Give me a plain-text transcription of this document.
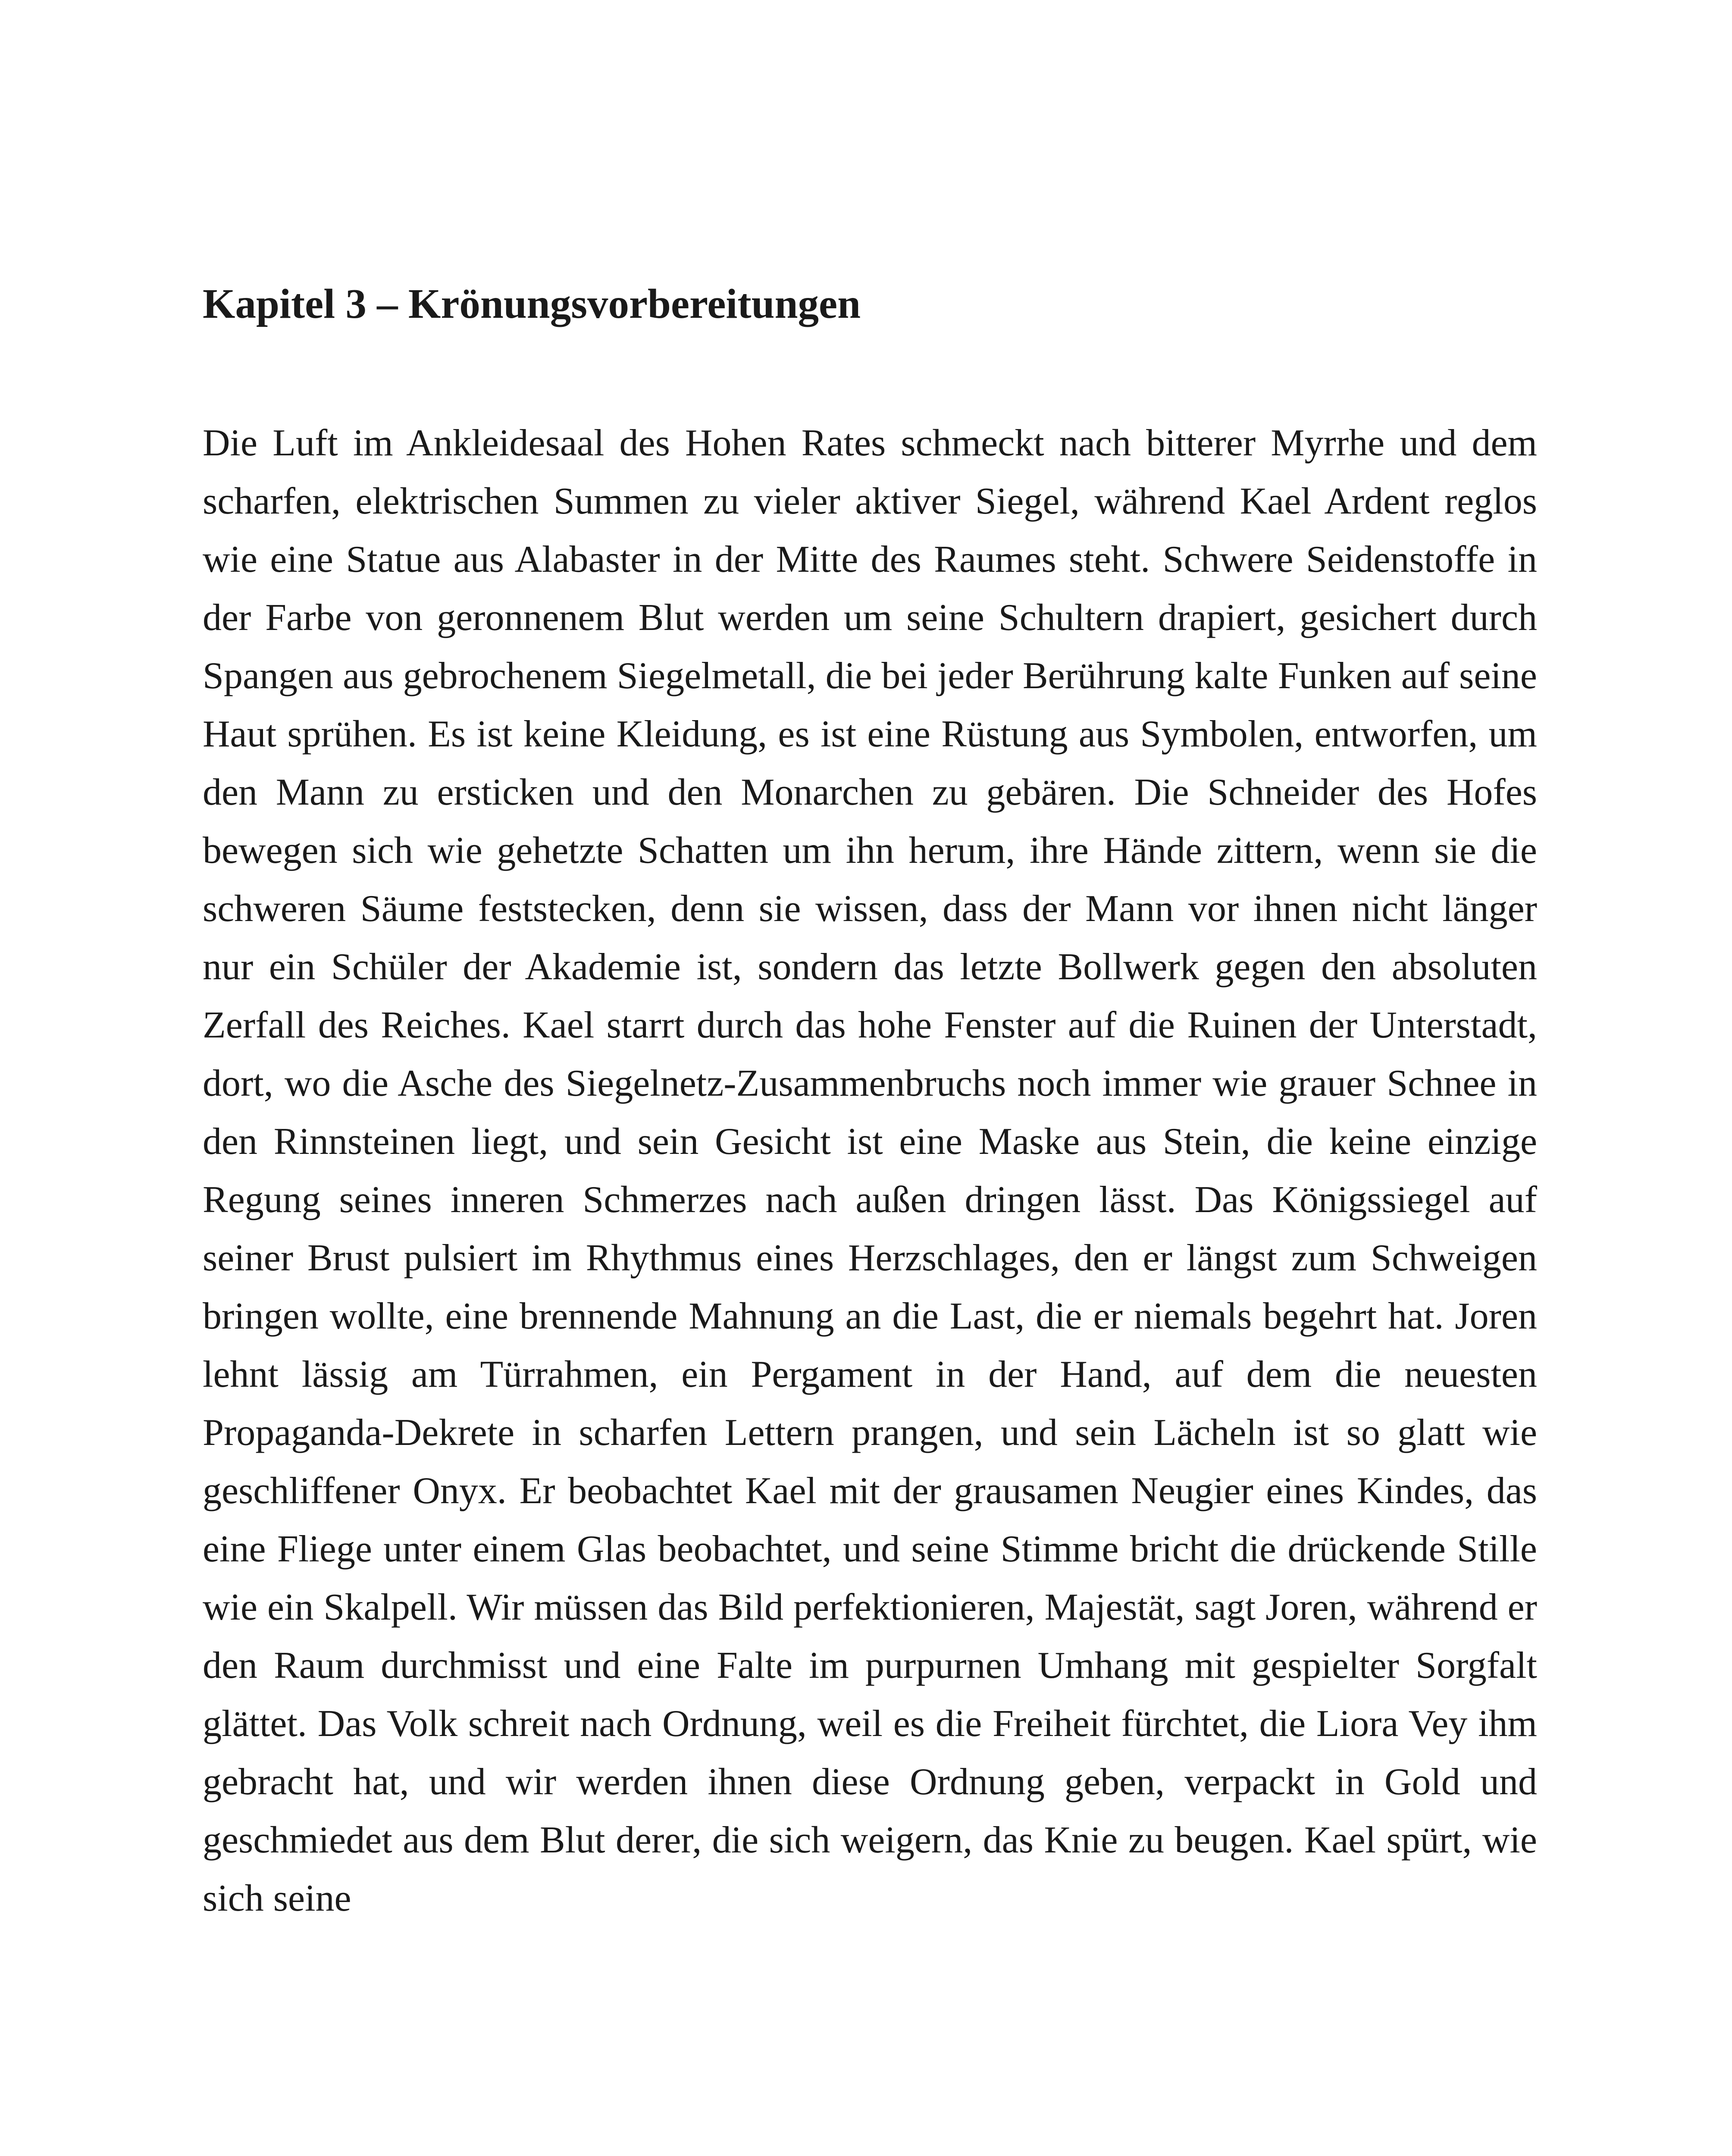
Kapitel 3 – Krönungsvorbereitungen

Die Luft im Ankleidesaal des Hohen Rates schmeckt nach bitterer Myrrhe und dem scharfen, elektrischen Summen zu vieler aktiver Siegel, während Kael Ardent reglos wie eine Statue aus Alabaster in der Mitte des Raumes steht. Schwere Seidenstoffe in der Farbe von geronnenem Blut werden um seine Schultern drapiert, gesichert durch Spangen aus gebrochenem Siegelmetall, die bei jeder Berührung kalte Funken auf seine Haut sprühen. Es ist keine Kleidung, es ist eine Rüstung aus Symbolen, entworfen, um den Mann zu ersticken und den Monarchen zu gebären. Die Schneider des Hofes bewegen sich wie gehetzte Schatten um ihn herum, ihre Hände zittern, wenn sie die schweren Säume feststecken, denn sie wissen, dass der Mann vor ihnen nicht länger nur ein Schüler der Akademie ist, sondern das letzte Bollwerk gegen den absoluten Zerfall des Reiches. Kael starrt durch das hohe Fenster auf die Ruinen der Unterstadt, dort, wo die Asche des Siegelnetz-Zusammenbruchs noch immer wie grauer Schnee in den Rinnsteinen liegt, und sein Gesicht ist eine Maske aus Stein, die keine einzige Regung seines inneren Schmerzes nach außen dringen lässt. Das Königssiegel auf seiner Brust pulsiert im Rhythmus eines Herzschlages, den er längst zum Schweigen bringen wollte, eine brennende Mahnung an die Last, die er niemals begehrt hat. Joren lehnt lässig am Türrahmen, ein Pergament in der Hand, auf dem die neuesten Propaganda-Dekrete in scharfen Lettern prangen, und sein Lächeln ist so glatt wie geschliffener Onyx. Er beobachtet Kael mit der grausamen Neugier eines Kindes, das eine Fliege unter einem Glas beobachtet, und seine Stimme bricht die drückende Stille wie ein Skalpell. Wir müssen das Bild perfektionieren, Majestät, sagt Joren, während er den Raum durchmisst und eine Falte im purpurnen Umhang mit gespielter Sorgfalt glättet. Das Volk schreit nach Ordnung, weil es die Freiheit fürchtet, die Liora Vey ihm gebracht hat, und wir werden ihnen diese Ordnung geben, verpackt in Gold und geschmiedet aus dem Blut derer, die sich weigern, das Knie zu beugen. Kael spürt, wie sich seine
